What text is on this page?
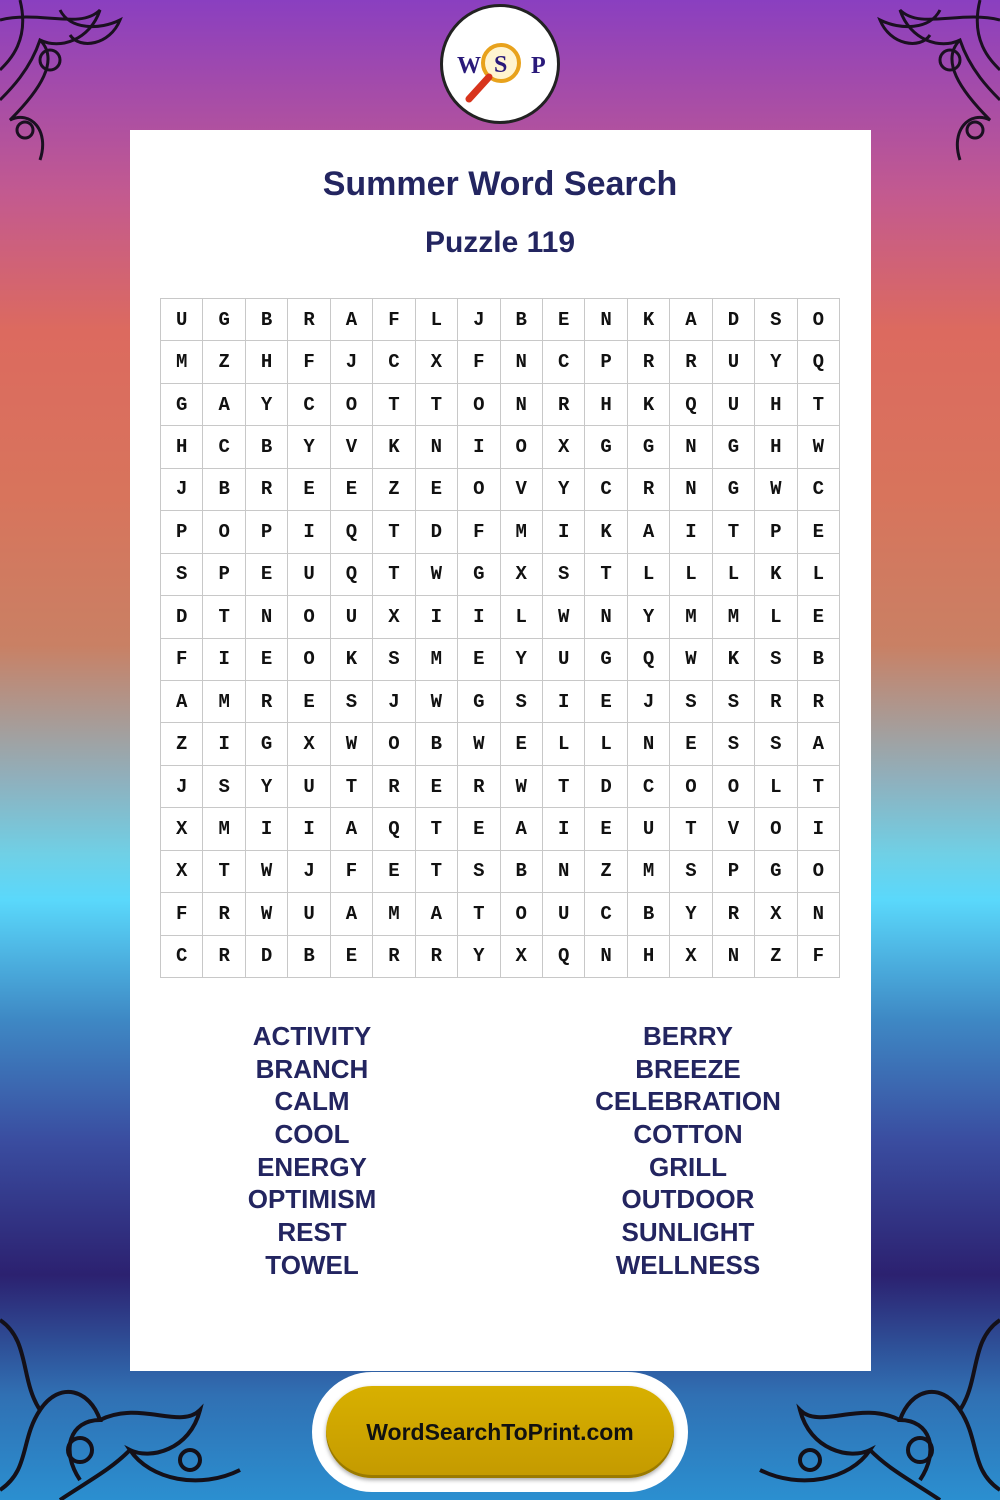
W S P
Summer Word Search
Puzzle 119
U	G	B	R	A	F	L	J	B	E	N	K	A	D	S	O
M	Z	H	F	J	C	X	F	N	C	P	R	R	U	Y	Q
G	A	Y	C	O	T	T	O	N	R	H	K	Q	U	H	T
H	C	B	Y	V	K	N	I	O	X	G	G	N	G	H	W
J	B	R	E	E	Z	E	O	V	Y	C	R	N	G	W	C
P	O	P	I	Q	T	D	F	M	I	K	A	I	T	P	E
S	P	E	U	Q	T	W	G	X	S	T	L	L	L	K	L
D	T	N	O	U	X	I	I	L	W	N	Y	M	M	L	E
F	I	E	O	K	S	M	E	Y	U	G	Q	W	K	S	B
A	M	R	E	S	J	W	G	S	I	E	J	S	S	R	R
Z	I	G	X	W	O	B	W	E	L	L	N	E	S	S	A
J	S	Y	U	T	R	E	R	W	T	D	C	O	O	L	T
X	M	I	I	A	Q	T	E	A	I	E	U	T	V	O	I
X	T	W	J	F	E	T	S	B	N	Z	M	S	P	G	O
F	R	W	U	A	M	A	T	O	U	C	B	Y	R	X	N
C	R	D	B	E	R	R	Y	X	Q	N	H	X	N	Z	F
ACTIVITY
BRANCH
CALM
COOL
ENERGY
OPTIMISM
REST
TOWEL
BERRY
BREEZE
CELEBRATION
COTTON
GRILL
OUTDOOR
SUNLIGHT
WELLNESS
WordSearchToPrint.com
